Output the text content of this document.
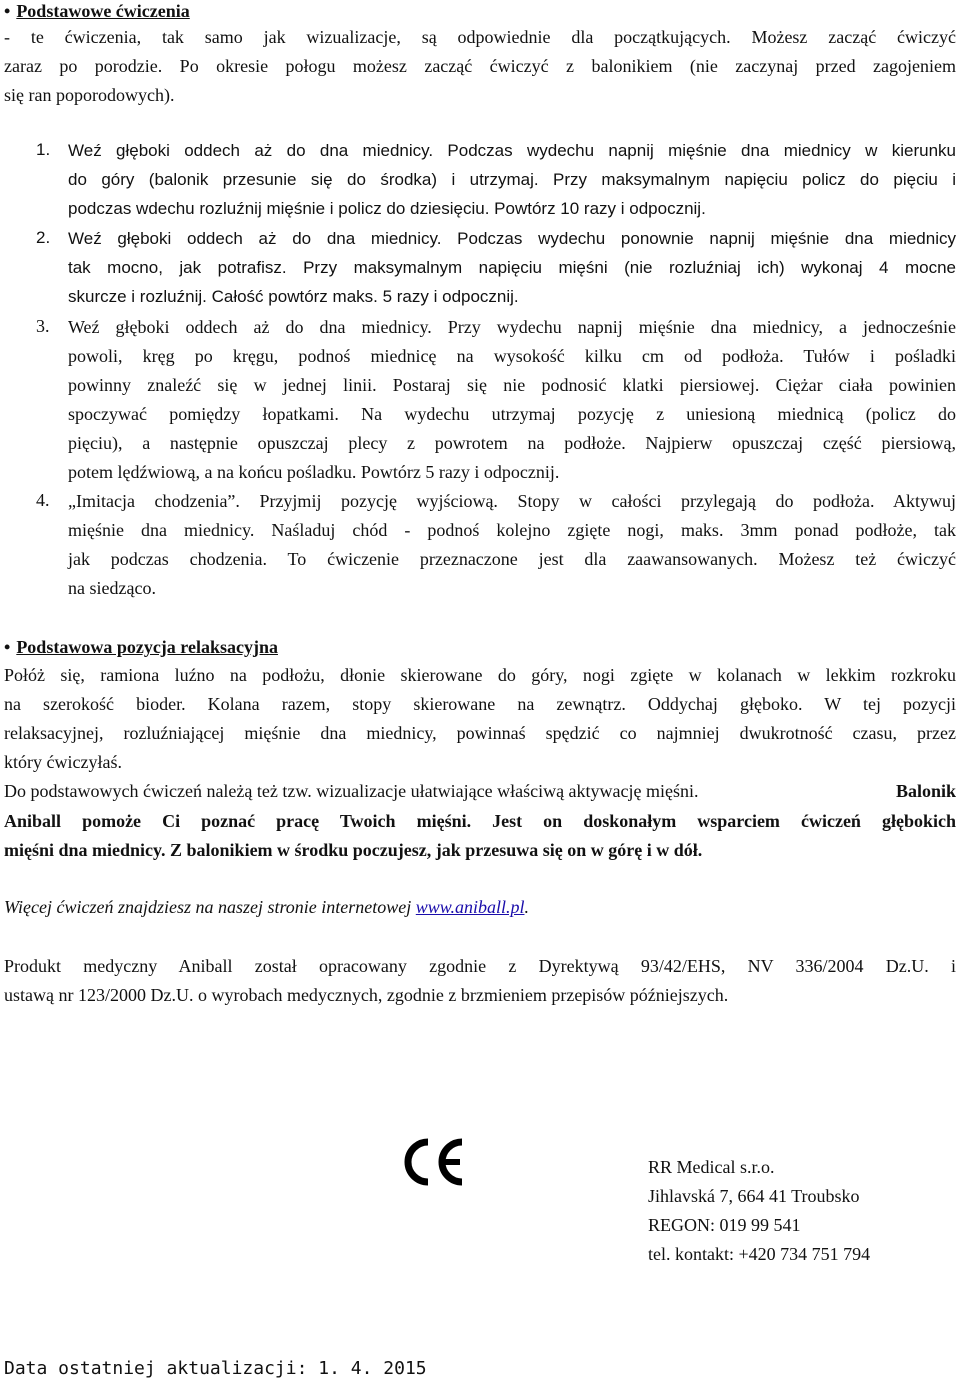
• Podstawowe ćwiczenia
- te ćwiczenia, tak samo jak wizualizacje, są odpowiednie dla początkujących. Możesz zacząć ćwiczyć
zaraz po porodzie. Po okresie połogu możesz zacząć ćwiczyć z balonikiem (nie zaczynaj przed zagojeniem
się ran poporodowych).
1. Weź głęboki oddech aż do dna miednicy. Podczas wydechu napnij mięśnie dna miednicy w kierunku
do góry (balonik przesunie się do środka) i utrzymaj. Przy maksymalnym napięciu policz do pięciu i
podczas wdechu rozluźnij mięśnie i policz do dziesięciu. Powtórz 10 razy i odpocznij.
2. Weź głęboki oddech aż do dna miednicy. Podczas wydechu ponownie napnij mięśnie dna miednicy
tak mocno, jak potrafisz. Przy maksymalnym napięciu mięśni (nie rozluźniaj ich) wykonaj 4 mocne
skurcze i rozluźnij. Całość powtórz maks. 5 razy i odpocznij.
3. Weź głęboki oddech aż do dna miednicy. Przy wydechu napnij mięśnie dna miednicy, a jednocześnie
powoli, kręg po kręgu, podnoś miednicę na wysokość kilku cm od podłoża. Tułów i pośladki
powinny znaleźć się w jednej linii. Postaraj się nie podnosić klatki piersiowej. Ciężar ciała powinien
spoczywać pomiędzy łopatkami. Na wydechu utrzymaj pozycję z uniesioną miednicą (policz do
pięciu), a następnie opuszczaj plecy z powrotem na podłoże. Najpierw opuszczaj część piersiową,
potem lędźwiową, a na końcu pośladku. Powtórz 5 razy i odpocznij.
4. „Imitacja chodzenia”. Przyjmij pozycję wyjściową. Stopy w całości przylegają do podłoża. Aktywuj
mięśnie dna miednicy. Naśladuj chód - podnoś kolejno zgięte nogi, maks. 3mm ponad podłoże, tak
jak podczas chodzenia. To ćwiczenie przeznaczone jest dla zaawansowanych. Możesz też ćwiczyć
na siedząco.
• Podstawowa pozycja relaksacyjna
Połóż się, ramiona luźno na podłożu, dłonie skierowane do góry, nogi zgięte w kolanach w lekkim rozkroku
na szerokość bioder. Kolana razem, stopy skierowane na zewnątrz. Oddychaj głęboko. W tej pozycji
relaksacyjnej, rozluźniającej mięśnie dna miednicy, powinnaś spędzić co najmniej dwukrotność czasu, przez
który ćwiczyłaś.
Do podstawowych ćwiczeń należą też tzw. wizualizacje ułatwiające właściwą aktywację mięśni.	Balonik
Aniball pomoże Ci poznać pracę Twoich mięśni. Jest on doskonałym wsparciem ćwiczeń głębokich
mięśni dna miednicy. Z balonikiem w środku poczujesz, jak przesuwa się on w górę i w dół.
Więcej ćwiczeń znajdziesz na naszej stronie internetowej www.aniball.pl.
Produkt medyczny Aniball został opracowany zgodnie z Dyrektywą 93/42/EHS, NV 336/2004 Dz.U. i
ustawą nr 123/2000 Dz.U. o wyrobach medycznych, zgodnie z brzmieniem przepisów późniejszych.
RR Medical s.r.o.
Jihlavská 7, 664 41 Troubsko
REGON: 019 99 541
tel. kontakt: +420 734 751 794
Data ostatniej aktualizacji: 1. 4. 2015
